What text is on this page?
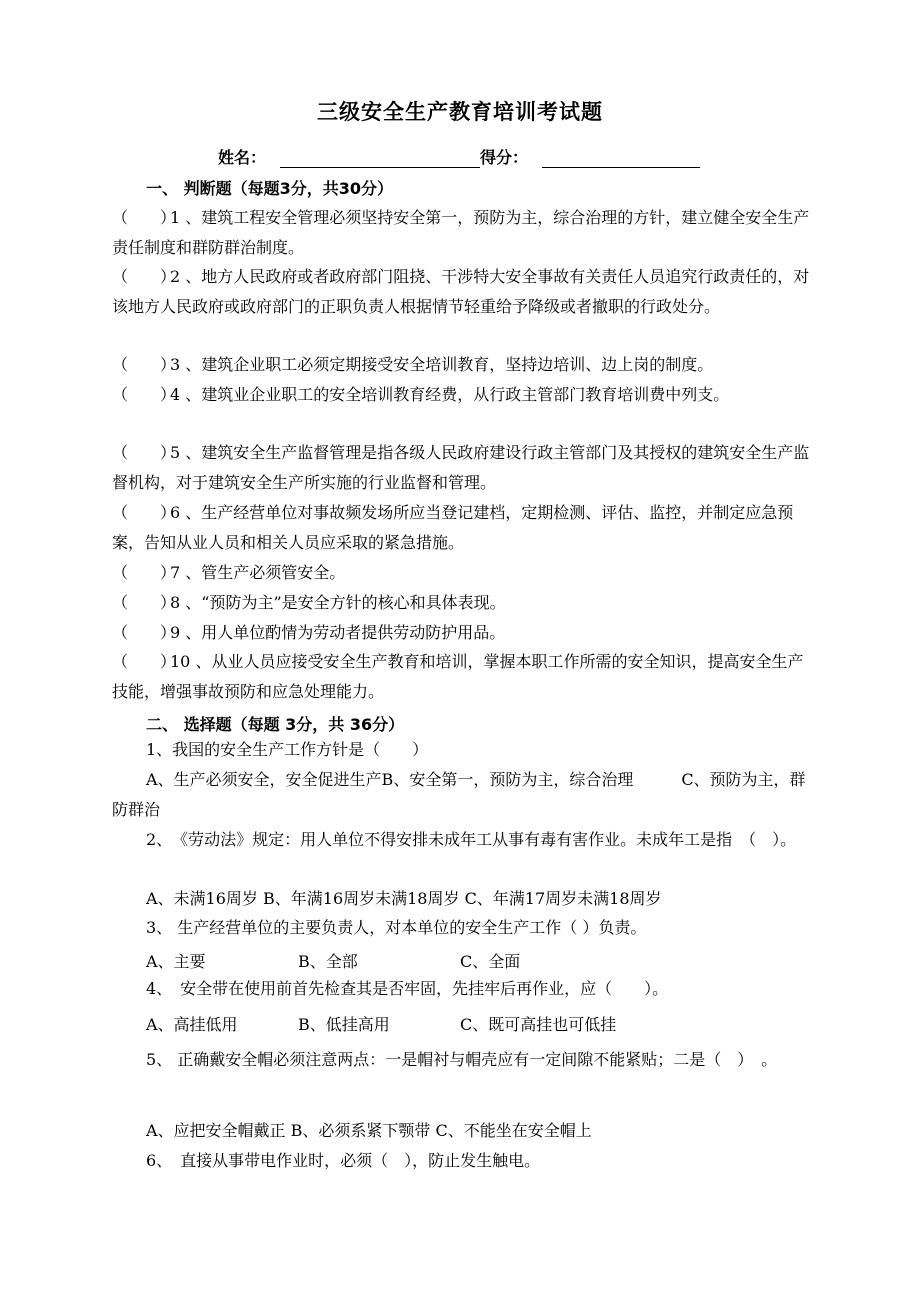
三级安全生产教育培训考试题
姓名：	得分：
一、 判断题（每题3分，共30分）
（　　）1 、建筑工程安全管理必须坚持安全第一，预防为主，综合治理的方针，建立健全安全生产责任制度和群防群治制度。
（　　）2 、地方人民政府或者政府部门阻挠、干涉特大安全事故有关责任人员追究行政责任的，对该地方人民政府或政府部门的正职负责人根据情节轻重给予降级或者撤职的行政处分。
（　　）3 、建筑企业职工必须定期接受安全培训教育，坚持边培训、边上岗的制度。
（　　）4 、建筑业企业职工的安全培训教育经费，从行政主管部门教育培训费中列支。
（　　）5 、建筑安全生产监督管理是指各级人民政府建设行政主管部门及其授权的建筑安全生产监督机构，对于建筑安全生产所实施的行业监督和管理。
（　　）6 、生产经营单位对事故频发场所应当登记建档，定期检测、评估、监控，并制定应急预案，告知从业人员和相关人员应采取的紧急措施。
（　　）7 、管生产必须管安全。
（　　）8 、“预防为主”是安全方针的核心和具体表现。
（　　）9 、用人单位酌情为劳动者提供劳动防护用品。
（　　）10 、从业人员应接受安全生产教育和培训，掌握本职工作所需的安全知识，提高安全生产技能，增强事故预防和应急处理能力。
二、 选择题（每题 3分，共 36分）
1、我国的安全生产工作方针是（　　）
A、生产必须安全，安全促进生产B、安全第一，预防为主，综合治理　　　C、预防为主，群防群治
2、　《劳动法》规定：用人单位不得安排未成年工从事有毒有害作业。未成年工是指　（　）。
A、未满16周岁 B、年满16周岁未满18周岁 C、年满17周岁未满18周岁
3、 生产经营单位的主要负责人，对本单位的安全生产工作（ ）负责。
A、主要	B、全部	C、全面
4、　安全带在使用前首先检查其是否牢固，先挂牢后再作业，应（　　）。
A、高挂低用	B、低挂高用	C、既可高挂也可低挂
5、 正确戴安全帽必须注意两点：一是帽衬与帽壳应有一定间隙不能紧贴；二是（　）　。
A、应把安全帽戴正 B、必须系紧下颚带 C、不能坐在安全帽上
6、　直接从事带电作业时，必须（　），防止发生触电。
